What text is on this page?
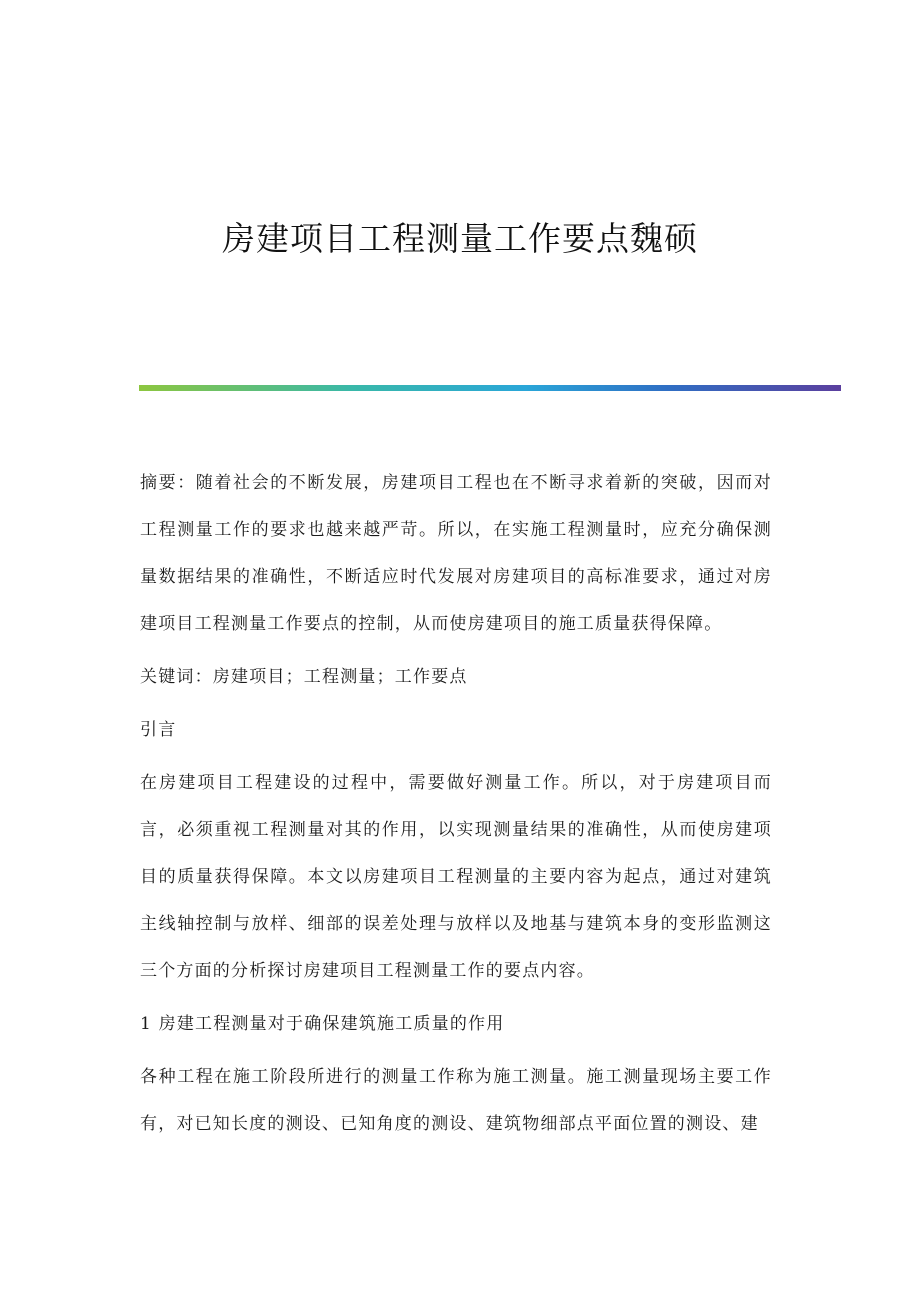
房建项目工程测量工作要点魏硕

摘要：随着社会的不断发展，房建项目工程也在不断寻求着新的突破，因而对工程测量工作的要求也越来越严苛。所以，在实施工程测量时，应充分确保测量数据结果的准确性，不断适应时代发展对房建项目的高标准要求，通过对房建项目工程测量工作要点的控制，从而使房建项目的施工质量获得保障。

关键词：房建项目；工程测量；工作要点

引言

在房建项目工程建设的过程中，需要做好测量工作。所以，对于房建项目而言，必须重视工程测量对其的作用，以实现测量结果的准确性，从而使房建项目的质量获得保障。本文以房建项目工程测量的主要内容为起点，通过对建筑主线轴控制与放样、细部的误差处理与放样以及地基与建筑本身的变形监测这三个方面的分析探讨房建项目工程测量工作的要点内容。

1 房建工程测量对于确保建筑施工质量的作用

各种工程在施工阶段所进行的测量工作称为施工测量。施工测量现场主要工作有，对已知长度的测设、已知角度的测设、建筑物细部点平面位置的测设、建
